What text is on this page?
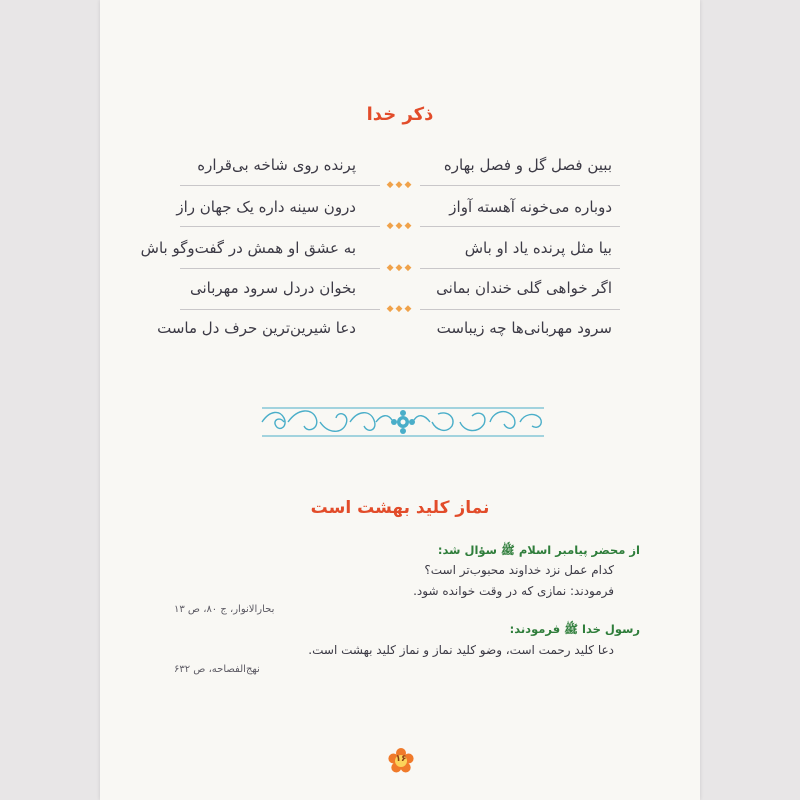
ذکر خدا
ببین فصل گل و فصل بهاره
پرنده روی شاخه بی‌قراره
◆◆◆
دوباره می‌خونه آهسته آواز
درون سینه داره یک جهان راز
◆◆◆
بیا مثل پرنده یاد او باش
به عشق او همش در گفت‌وگو باش
◆◆◆
اگر خواهی گلی خندان بمانی
بخوان دردل سرود مهربانی
◆◆◆
سرود مهربانی‌ها چه زیباست
دعا شیرین‌ترین حرف دل ماست
نماز کلید بهشت است
از محضر پیامبر اسلام ﷺ سؤال شد:
کدام عمل نزد خداوند محبوب‌تر است؟
فرمودند: نمازی که در وقت خوانده شود.
بحارالانوار، ج ۸۰، ص ۱۳
رسول خدا ﷺ فرمودند:
دعا کلید رحمت است، وضو کلید نماز و نماز کلید بهشت است.
نهج‌الفصاحه، ص ۶۳۲
۱۶
